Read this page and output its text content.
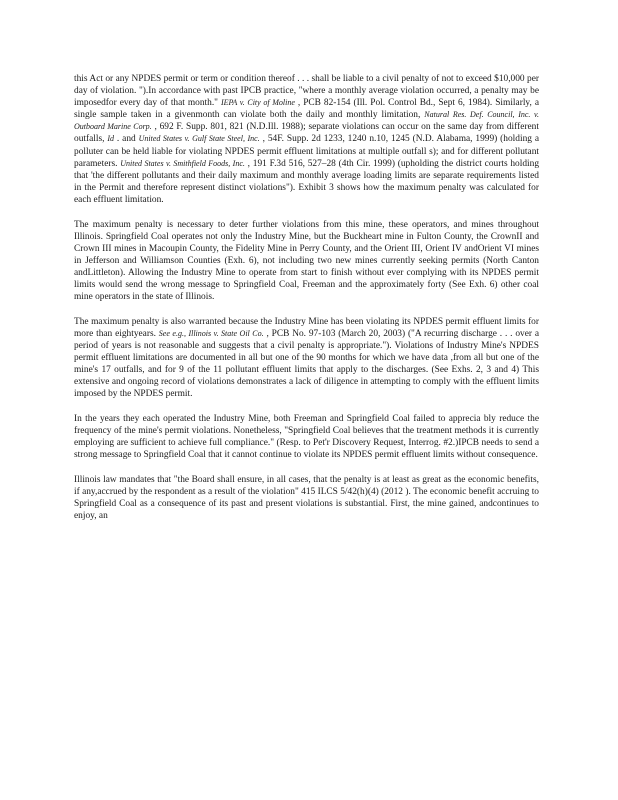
this Act or any NPDES permit or term or condition thereof . . . shall be liable to a civil penalty of not to exceed $10,000 per day of violation. ").In accordance with past IPCB practice, "where a monthly average violation occurred, a penalty may be imposedfor every day of that month." IEPA v. City of Moline , PCB 82-154 (Ill. Pol. Control Bd., Sept 6, 1984). Similarly, a single sample taken in a givenmonth can violate both the daily and monthly limitation, Natural Res. Def. Council, Inc. v. Outboard Marine Corp. , 692 F. Supp. 801, 821 (N.D.Ill. 1988); separate violations can occur on the same day from different outfalls, Id . and United States v. Gulf State Steel, Inc. , 54F. Supp. 2d 1233, 1240 n.10, 1245 (N.D. Alabama, 1999) (holding a polluter can be held liable for violating NPDES permit effluent limitations at multiple outfall s); and for different pollutant parameters. United States v. Smithfield Foods, Inc. , 191 F.3d 516, 527–28 (4th Cir. 1999) (upholding the district courts holding that 'the different pollutants and their daily maximum and monthly average loading limits are separate requirements listed in the Permit and therefore represent distinct violations"). Exhibit 3 shows how the maximum penalty was calculated for each effluent limitation.

The maximum penalty is necessary to deter further violations from this mine, these operators, and mines throughout Illinois. Springfield Coal operates not only the Industry Mine, but the Buckheart mine in Fulton County, the CrownII and Crown III mines in Macoupin County, the Fidelity Mine in Perry County, and the Orient III, Orient IV andOrient VI mines in Jefferson and Williamson Counties (Exh. 6), not including two new mines currently seeking permits (North Canton andLittleton). Allowing the Industry Mine to operate from start to finish without ever complying with its NPDES permit limits would send the wrong message to Springfield Coal, Freeman and the approximately forty (See Exh. 6) other coal mine operators in the state of Illinois.

The maximum penalty is also warranted because the Industry Mine has been violating its NPDES permit effluent limits for more than eightyears. See e.g., Illinois v. State Oil Co. , PCB No. 97-103 (March 20, 2003) ("A recurring discharge . . . over a period of years is not reasonable and suggests that a civil penalty is appropriate."). Violations of Industry Mine's NPDES permit effluent limitations are documented in all but one of the 90 months for which we have data ,from all but one of the mine's 17 outfalls, and for 9 of the 11 pollutant effluent limits that apply to the discharges. (See Exhs. 2, 3 and 4) This extensive and ongoing record of violations demonstrates a lack of diligence in attempting to comply with the effluent limits imposed by the NPDES permit.

In the years they each operated the Industry Mine, both Freeman and Springfield Coal failed to apprecia bly reduce the frequency of the mine's permit violations. Nonetheless, "Springfield Coal believes that the treatment methods it is currently employing are sufficient to achieve full compliance." (Resp. to Pet'r Discovery Request, Interrog. #2.)IPCB needs to send a strong message to Springfield Coal that it cannot continue to violate its NPDES permit effluent limits without consequence.

Illinois law mandates that "the Board shall ensure, in all cases, that the penalty is at least as great as the economic benefits, if any,accrued by the respondent as a result of the violation" 415 ILCS 5/42(h)(4) (2012 ). The economic benefit accruing to Springfield Coal as a consequence of its past and present violations is substantial. First, the mine gained, andcontinues to enjoy, an
